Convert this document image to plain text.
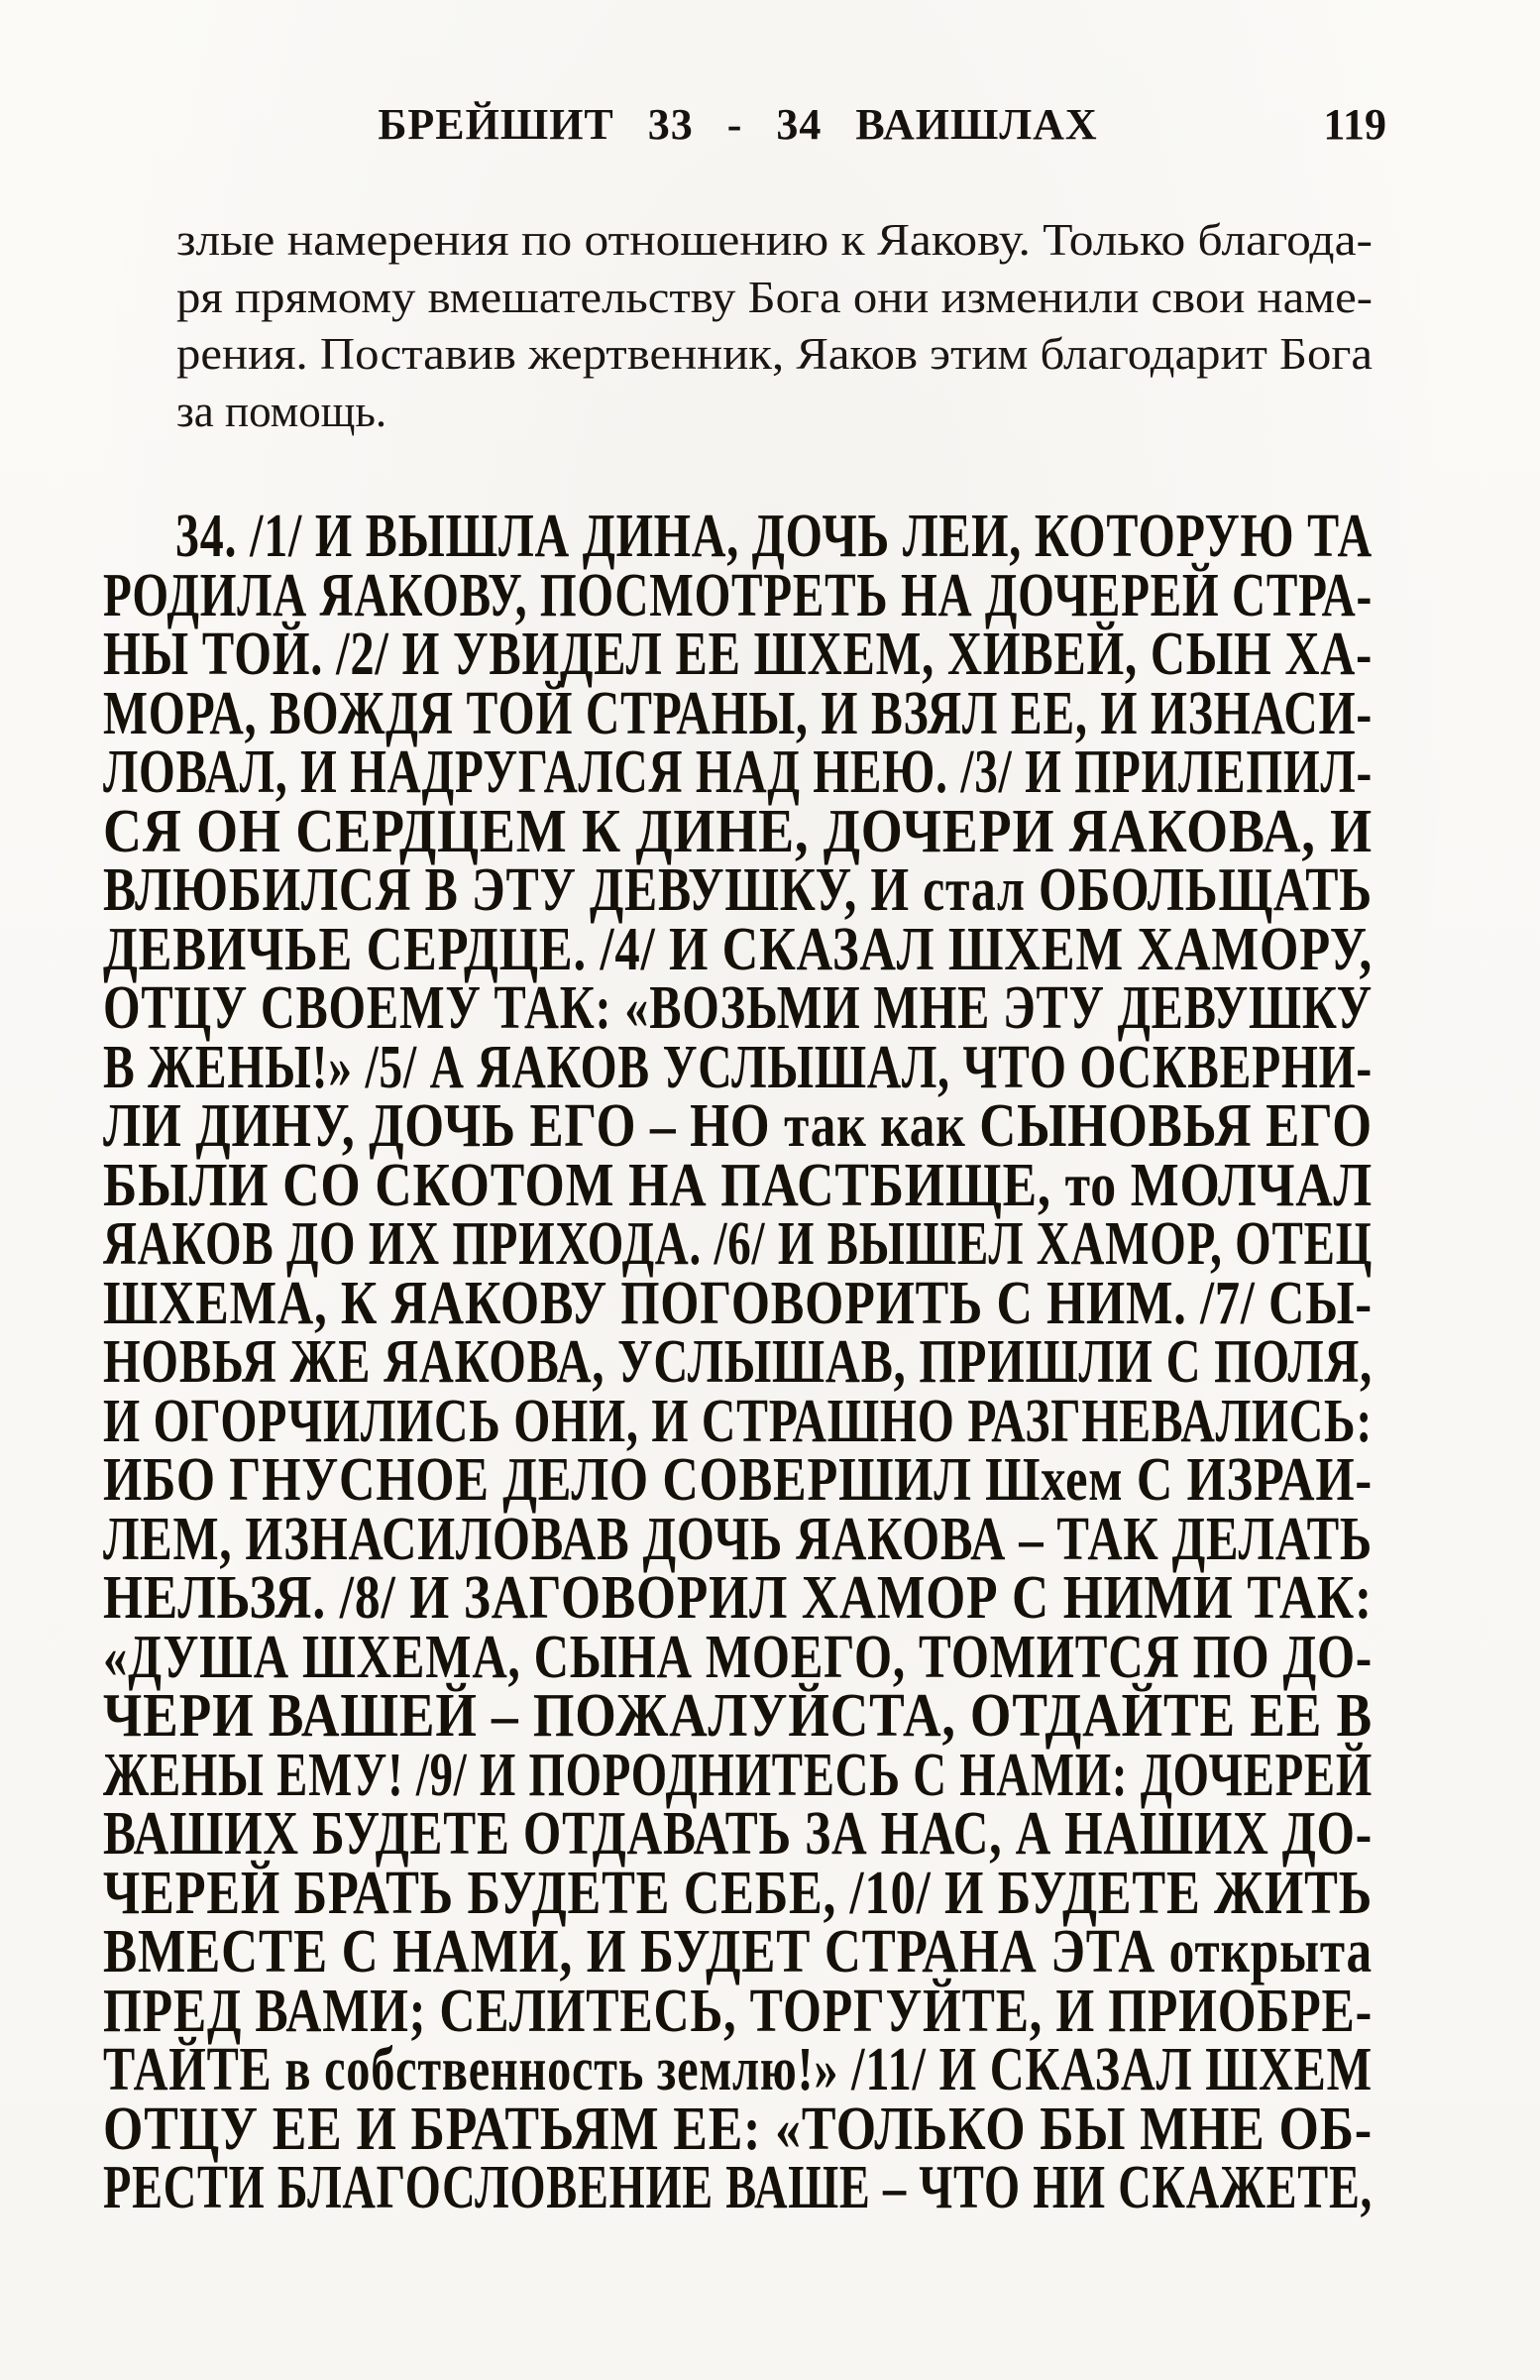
БРЕЙШИТ 33 - 34 ВАИШЛАХ	119
злые намерения по отношению к Яакову. Только благода-
ря прямому вмешательству Бога они изменили свои наме-
рения. Поставив жертвенник, Яаков этим благодарит Бога
за помощь.
34. /1/ И ВЫШЛА ДИНА, ДОЧЬ ЛЕИ, КОТОРУЮ ТА
РОДИЛА ЯАКОВУ, ПОСМОТРЕТЬ НА ДОЧЕРЕЙ СТРА-
НЫ ТОЙ. /2/ И УВИДЕЛ ЕЕ ШХЕМ, ХИВЕЙ, СЫН ХА-
МОРА, ВОЖДЯ ТОЙ СТРАНЫ, И ВЗЯЛ ЕЕ, И ИЗНАСИ-
ЛОВАЛ, И НАДРУГАЛСЯ НАД НЕЮ. /3/ И ПРИЛЕПИЛ-
СЯ ОН СЕРДЦЕМ К ДИНЕ, ДОЧЕРИ ЯАКОВА, И
ВЛЮБИЛСЯ В ЭТУ ДЕВУШКУ, И стал ОБОЛЬЩАТЬ
ДЕВИЧЬЕ СЕРДЦЕ. /4/ И СКАЗАЛ ШХЕМ ХАМОРУ,
ОТЦУ СВОЕМУ ТАК: «ВОЗЬМИ МНЕ ЭТУ ДЕВУШКУ
В ЖЕНЫ!» /5/ А ЯАКОВ УСЛЫШАЛ, ЧТО ОСКВЕРНИ-
ЛИ ДИНУ, ДОЧЬ ЕГО – НО так как СЫНОВЬЯ ЕГО
БЫЛИ СО СКОТОМ НА ПАСТБИЩЕ, то МОЛЧАЛ
ЯАКОВ ДО ИХ ПРИХОДА. /6/ И ВЫШЕЛ ХАМОР, ОТЕЦ
ШХЕМА, К ЯАКОВУ ПОГОВОРИТЬ С НИМ. /7/ СЫ-
НОВЬЯ ЖЕ ЯАКОВА, УСЛЫШАВ, ПРИШЛИ С ПОЛЯ,
И ОГОРЧИЛИСЬ ОНИ, И СТРАШНО РАЗГНЕВАЛИСЬ:
ИБО ГНУСНОЕ ДЕЛО СОВЕРШИЛ Шхем С ИЗРАИ-
ЛЕМ, ИЗНАСИЛОВАВ ДОЧЬ ЯАКОВА – ТАК ДЕЛАТЬ
НЕЛЬЗЯ. /8/ И ЗАГОВОРИЛ ХАМОР С НИМИ ТАК:
«ДУША ШХЕМА, СЫНА МОЕГО, ТОМИТСЯ ПО ДО-
ЧЕРИ ВАШЕЙ – ПОЖАЛУЙСТА, ОТДАЙТЕ ЕЕ В
ЖЕНЫ ЕМУ! /9/ И ПОРОДНИТЕСЬ С НАМИ: ДОЧЕРЕЙ
ВАШИХ БУДЕТЕ ОТДАВАТЬ ЗА НАС, А НАШИХ ДО-
ЧЕРЕЙ БРАТЬ БУДЕТЕ СЕБЕ, /10/ И БУДЕТЕ ЖИТЬ
ВМЕСТЕ С НАМИ, И БУДЕТ СТРАНА ЭТА открыта
ПРЕД ВАМИ; СЕЛИТЕСЬ, ТОРГУЙТЕ, И ПРИОБРЕ-
ТАЙТЕ в собственность землю!» /11/ И СКАЗАЛ ШХЕМ
ОТЦУ ЕЕ И БРАТЬЯМ ЕЕ: «ТОЛЬКО БЫ МНЕ ОБ-
РЕСТИ БЛАГОСЛОВЕНИЕ ВАШЕ – ЧТО НИ СКАЖЕТЕ,
